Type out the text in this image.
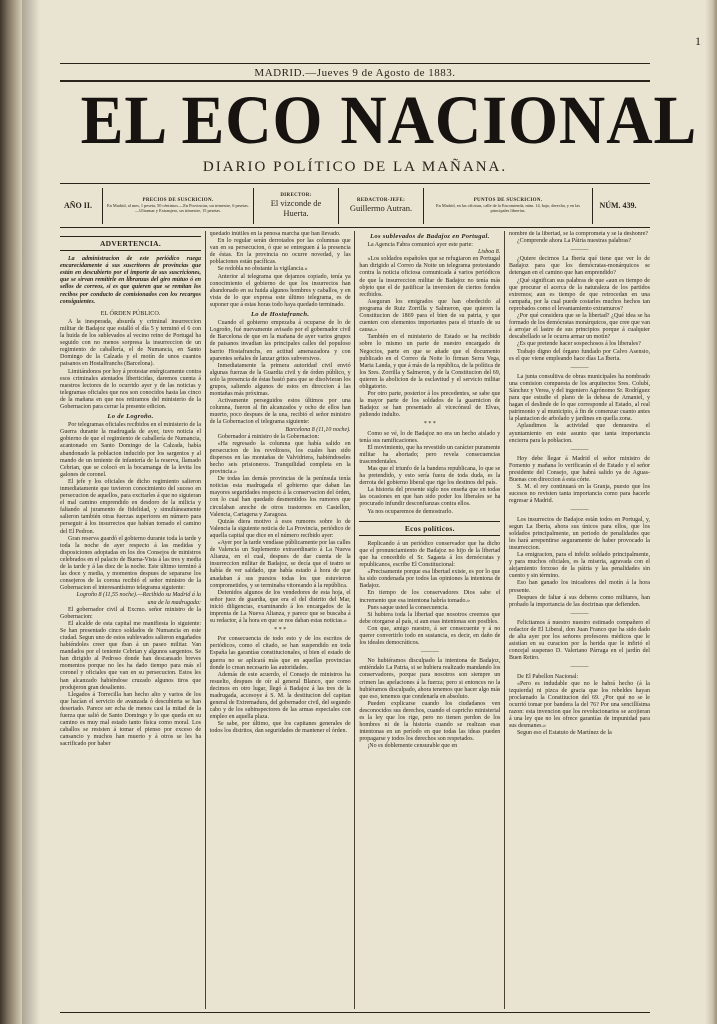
1
MADRID.—Jueves 9 de Agosto de 1883.
EL ECO NACIONAL
DIARIO POLÍTICO DE LA MAÑANA.
AÑO II.
PRECIOS DE SUSCRICION.
En Madrid, al mes, 1 peseta, 50 céntimos.—En Provincias, un trimestre, 6 pesetas.—Ultramar y Extranjero, un trimestre, 15 pesetas.
DIRECTOR:
El vizconde de Huerta.
REDACTOR-JEFE:
Guillermo Autran.
PUNTOS DE SUSCRICION.
En Madrid, en las oficinas, calle de la Encomienda, núm. 14, bajo, derecha, y en las principales librerías.
NÚM. 439.
ADVERTENCIA.

La administracion de este periódico ruega encarecidamente á sus suscritores de provincias que están en descubierto por el importe de sus suscriciones, que se sirvan remitirle en libranzas del giro mútuo ó en sellos de correos, si es que quieren que se remitan los recibos por conducto de comisionados con los recargos consiguientes.

EL ÓRDEN PÚBLICO.

A la inesperada, absurda y criminal insurreccion militar de Badajoz que estalló el día 5 y terminó el 6 con la huida de los sublevados al vecino reino de Portugal ha seguido con no menos sorpresa la insurreccion de un regimiento de caballería, el de Numancia, en Santo Domingo de la Calzada y el motín de unos cuantos paisanos en Hostalfranchs (Barcelona).

Limitándonos por hoy á protestar enérgicamente contra esos criminales atentados liberticidas, daremos cuenta á nuestros lectores de lo ocurrido ayer y de las noticias y telegramas oficiales que nos son conocidos hasta las cinco de la mañana en que nos retiramos del ministerio de la Gobernacion para cerrar la presente edicion.

Lo de Logroño.

Por telegramas oficiales recibidos en el ministerio de la Guerra durante la madrugada de ayer, tuvo noticia el gobierno de que el regimiento de caballería de Numancia, acantonado en Santo Domingo de la Calzada, había abandonado la poblacion inducido por los sargentos y al mando de un teniente de infantería de la reserva, llamado Cebrian, que se colocó en la bocamanga de la levita los galones de coronel.

El jefe y los oficiales de dicho regimiento salieron inmediatamente que tuvieron conocimiento del suceso en persecucion de aquellos, para excitarles á que no siguieran el mal camino emprendido en desdoro de la milicia y faltando al juramento de fidelidad, y simultáneamente salieron también otras fuerzas superiores en número para perseguir á los insurrectos que habían tomado el camino del El Pedron.

Gran reserva guardó el gobierno durante toda la tarde y toda la noche de ayer respecto á las medidas y disposiciones adoptadas en los dos Consejos de ministros celebrados en el palacio de Buena-Vista á las tres y media de la tarde y á las diez de la noche. Este último terminó á las doce y media, y momentos despues de separarse los consejeros de la corona recibió el señor ministro de la Gobernacion el interesantísimo telegrama siguiente:

Logroño 8 (11,55 noche).—Recibido su Madrid á la una de la madrugada:

El gobernador civil al Excmo. señor ministro de la Gobernacion:

El alcalde de esta capital me manifiesta lo siguiente: Se han presentado cinco soldados de Numancia en este ciudad. Segun uno de estos sublevados salieron engañados habiéndoles creer que iban á un paseo militar. Van mandados por el teniente Cebrian y algunos sargentos. Se han dirigido al Pedroso donde han descansado breves momentos porque no les ha dado tiempo para más el coronel y oficiales que van en su persecucion. Estos les han alcanzado habiéndose cruzado algunos tiros que produjeron gran desaliento.

Llegados á Torrecilla han hecho alto y varios de los que hacían el servicio de avanzada ó descubierta se han desertado. Parece ser echa de menos casi la mitad de la fuerza que salió de Santo Domingo y lo que queda en su camino es muy mal estado tanto física como moral. Los caballos se resisten á tomar el pienso por exceso de cansancio y muchos han muerto y á otros se les ha sacrificado por haber

quedado inútiles en la penosa marcha que han llevado.

En lo regular serán derrotados por las columnas que van en su persecucion, ó que se entreguen á la presencia de éstas. En la provincia no ocurre novedad, y las poblaciones están pacíficas.

Se redobla no obstante la vigilancia.»

Anterior al telegrama que dejamos copiado, tenía ya conocimiento el gobierno de que los insurrectos han abandonado en su huida algunos hombres y caballos, y en vista de lo que expresa este último telegrama, es de suponer que á estas horas todo haya quedado terminado.

Lo de Hostafranch.

Cuando el gobierno empezaba á ocuparse de lo de Logroño, fué nuevamente avisado por el gobernador civil de Barcelona de que en la mañana de ayer varios grupos de paisanos invadian las principales calles del populoso barrio Hostafranchs, en actitud amenazadora y con aparentes señales de lanzar gritos subversivos.

Inmediatamente la primera autoridad civil envió algunas fuerzas de la Guardia civil y de órden público, y solo la presencia de éstas bastó para que se disolvieran los grupos, saliendo algunos de estos en direccion á las montañas más próximas.

Activamente perseguidos estos últimos por una columna, fueron al fin alcanzados y ocho de ellos han muerto, poco despues de la una, recibió el señor ministro de la Gobernacion el telegrama siguiente:

Barcelona 8 (11,10 noche).

Gobernador á ministro de la Gobernacion:

«Ha regresado la columna que había salido en persecucion de los revoltosos, los cuales han sido dispersos en las montañas de Valvidriera, habiéndoseles hecho seis prisioneros. Tranquilidad completa en la provincia.»

De todas las demás provincias de la península tenía noticias esta madrugada el gobierno que daban las mayores seguridades respecto á la conservacion del órden, con lo cual han quedado desmentidos los rumores que circulaban anoche de otros trastornos en Castellon, Valencia, Cartagena y Zaragoza.

Quizás diera motivo á esos rumores sobre lo de Valencia la siguiente noticia de La Provincia, periódico de aquella capital que dice en el número recibido ayer:

«Ayer por la tarde vendíase públicamente por las calles de Valencia un Suplemento extraordinario á La Nueva Alianza, en el cual, despues de dar cuenta de la insurreccion militar de Badajoz, se decía que el teatro se había de ver saldado, que había estado á hora de que anadaban á sus puestos todas los que estuvieron comprometidos, y se terminaba vitoreando á la república.

Detenidos algunos de los vendedores de esta hoja, el señor juez de guardia, que era el del distrito del Mar, inició diligencias, examinando á los encargados de la imprenta de La Nueva Alianza, y parece que se buscaba á su redactor, á la hora en que se nos daban estas noticias.»

* * *

Por consecuencia de todo esto y de los escritos de periódicos, como el citado, se han suspendido en toda España las garantías constitucionales, si bien el estado de guerra no se aplicará más que en aquellas provincias donde lo crean necesario las autoridades.

Además de este acuerdo, el Consejo de ministros ha resuelto, despues de oír al general Blanco, que como decimos en otro lugar, llegó á Badajoz á las tres de la madrugada, accesoye á S. M. la destitucion del capitan general de Extremadura, del gobernador civil, del segundo cabo y de los subinspectores de las armas especiales con empleo en aquella plaza.

Se sabe, por último, que los capitanes generales de todos los distritos, dan seguridades de mantener el órden.

Los sublevados de Badajoz en Portugal.

La Agencia Fabra comunicó ayer este parte:

Lisboa 8.

«Los soldados españoles que se refugiaron en Portugal han dirigido al Correo da Noite un telegrama protestando contra la noticia oficiosa comunicada á varios periódicos de que la insurreccion militar de Badajoz no tenía más objeto que el de justificar la inversion de ciertos fondos recibidos.

Aseguran los emigrados que han obedecido al programa de Ruiz Zorrilla y Salmeron, que quieren la Constitucion de 1869 para el bien de su patria, y que cuenten con elementos importantes para el triunfo de su causa.»

También en el ministerio de Estado se ha recibido sobre lo mismo un parte de nuestro encargado de Negocios, parte en que se añade que el documento publicado en el Correo da Noite lo firman Serra Vega, Maria Landa, y que á más de la república, de la política de los Sres. Zorrilla y Salmeron, y de la Constitucion del 69, quieren la abolicion de la esclavitud y el servicio militar obligatorio.

Por otro parte, posterior á los precedentes, se sabe que la mayor parte de los soldados de la guarnicion de Badajoz se han presentado al vicecónsul de Elvas, pidiendo indulto.

* * *

Como se vé, lo de Badajoz no era un hecho aislado y tenía sus ramificaciones.

El movimiento, que ha revestido un carácter puramente militar ha abortado; pero revela consecuencias trascendentales.

Mas que el triunfo de la bandera republicana, lo que se ha pretendido, y esto sería fuera de toda duda, es la derrota del gobierno liberal que rige los destinos del país.

La historia del presente siglo nos enseña que en todas las ocasiones en que han sido poder los liberales se ha procurado infundir desconfianzas contra ellos.

Ya nos ocuparemos de demostrarlo.

Ecos políticos.

Replicando á un periódico conservador que ha dicho que el pronunciamiento de Badajoz no hijo de la libertad que ha concedido el Sr. Sagasta á los demócratas y republicanos, escribe El Constitucional:

«Precisamente porque esa libertad existe, es por lo que ha sido condenada por todos las opiniones la intentona de Badajoz.

En tiempo de los conservadores Dios sabe el incremento que esa intentona habría tomado.»

Pues saque usted la consecuencia.

Si hubiera toda la libertad que nosotros creemos que debe otorgarse al país, si aun esas intentonas son posibles.

Con que, amigo nuestro, á ser consecuente y á no querer convertirlo todo en sustancia, es decir, en daño de los ideales democráticos.

———

No hubiéramos disculpado la intentona de Badajoz, entiéndalo La Patria, si se hubiera realizado mandando los conservadores, porque para nosotros son siempre un crimen las apelaciones á la fuerza; pero si entonces no la hubiéramos disculpado, ahora tenemos que hacer algo más que eso, tenemos que condenarla en absoluto.

Pueden explicarse cuando los ciudadanos ven desconocidos sus derechos, cuando el capricho ministerial es la ley que los rige, pero no tienen perdon de los hombres ni de la historia cuando se realizan esas intentonas en un período en que todas las ideas pueden propagarse y todos los derechos son respetados.

¡No es doblemente censurable que en

nombre de la libertad, se la comprometa y se la deshonre?

¿Comprende ahora La Pátria nuestras palabras?

———

¿Quiere decirnos La Iberia qué tiene que ver lo de Badajoz para que los demócratas-monárquicos se detengan en el camino que han emprendido?

¿Qué significan sus palabras de que «aun es tiempo de que procurar el acerca de la naturaleza de los partidos extremos; aun es tiempo de que retrocedan en una campaña, por la cual puede costarles muchos hechos tan reprobados como el levantamiento extramuros?

¿Por qué considera que se la libertad? ¿Qué idea se ha formado de los demócratas monárquicos, que cree que van á arrojar el lastre de sus principios porque á cualquier descabellado se le ocurra armar un motín?

¿Es que pretende hacer sospechosos á los liberales?

Trabajo digno del órgano fundado por Calvo Asensio, es el que viene empleando hace días La Iberia.

———

La junta consultiva de obras municipales ha nombrado una comision compuesta de los arquitectos Sres. Colubí, Sánchez y Verea, y del ingeniero Agrónomo Sr. Rodríguez para que estudie el plano de la dehesa de Amaniel, y hagan el deslinde de lo que corresponde al Estado, al real patrimonio y al municipio, á fin de comenzar cuanto antes la plantacion de arbolado y jardines en quella zona.

Aplaudimos la actividad que demuestra el ayuntamiento en este asunto que tanta importancia encierra para la poblacion.

———

Hoy debe llegar á Madrid el señor ministro de Fomento y mañana lo verificarán el de Estado y el señor presidente del Consejo, que habrá salido ya de Aguas-Buenas con direccion á esta córte.

S. M. el rey continuará en la Granja, puesto que los sucesos no revisten tanta importancia como para hacerle regresar á Madrid.

———

Los insurrectos de Badajoz están todos en Portugal, y, segun La Iberia, ahora sus únicos para ellos, que los soldados principalmente, un periodo de penalidades que les hará arrepentirse seguramente de haber provocado la insurreccion.

La emigracion, para el infeliz soldado principalmente, y para muchos oficiales, es la miseria, agravada con el alejamiento forzoso de la pátria y las penalidades sin cuento y sin término.

Eso han ganado los inicadores del motín á la hora presente.

Despues de faltar á sus deberes como militares, han probado la importancia de las doctrinas que defienden.

———

Felicitamos á nuestro nuestro estimado compañero el redactor de El Liberal, don Juan Franco que ha sido dado de alta ayer por los señores profesores médicos que le asistían en su curacion por la herida que le infirió el concejal suspenso D. Valeriano Párraga en el jardín del Buen Retiro.

———

De El Pabellon Nacional:

«Pero es indudable que no le habrá hecho (á la izquierda) ni pizca de gracia que los rebeldes hayan proclamado la Constitucion del 69. ¿Por qué no se le ocurrió tomar por bandera la del 76? Por una sencillísima razon: esta invencion que los revolucionarios se acojieran á una ley que no les ofrece garantías de impunidad para sus desmanes.»

Segun eso el Estatuto de Martínez de la
